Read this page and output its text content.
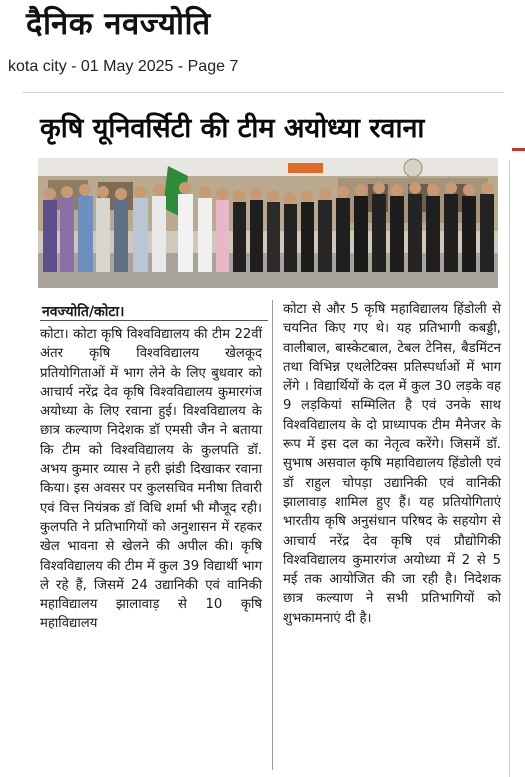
दैनिक नवज्योति
kota city - 01 May 2025 - Page 7
कृषि यूनिवर्सिटी की टीम अयोध्या रवाना
नवज्योति/कोटा।

कोटा। कोटा कृषि विश्वविद्यालय की टीम 22वीं अंतर कृषि विश्वविद्यालय खेलकूद प्रतियोगिताओं में भाग लेने के लिए बुधवार को आचार्य नरेंद्र देव कृषि विश्वविद्यालय कुमारगंज अयोध्या के लिए रवाना हुई। विश्वविद्यालय के छात्र कल्याण निदेशक डॉ एमसी जैन ने बताया कि टीम को विश्वविद्यालय के कुलपति डॉ. अभय कुमार व्यास ने हरी झंडी दिखाकर रवाना किया। इस अवसर पर कुलसचिव मनीषा तिवारी एवं वित्त नियंत्रक डॉ विधि शर्मा भी मौजूद रही। कुलपति ने प्रतिभागियों को अनुशासन में रहकर खेल भावना से खेलने की अपील की। कृषि विश्वविद्यालय की टीम में कुल 39 विद्यार्थी भाग ले रहे हैं, जिसमें 24 उद्यानिकी एवं वानिकी महाविद्यालय झालावाड़ से 10 कृषि महाविद्यालय

कोटा से और 5 कृषि महाविद्यालय हिंडोली से चयनित किए गए थे। यह प्रतिभागी कबड्डी, वालीबाल, बास्केटबाल, टेबल टेनिस, बैडमिंटन तथा विभिन्न एथलेटिक्स प्रतिस्पर्धाओं में भाग लेंगे । विद्यार्थियों के दल में कुल 30 लड़के वह 9 लड़कियां सम्मिलित है एवं उनके साथ विश्वविद्यालय के दो प्राध्यापक टीम मैनेजर के रूप में इस दल का नेतृत्व करेंगे। जिसमें डॉ. सुभाष असवाल कृषि महाविद्यालय हिंडोली एवं डॉ राहुल चोपड़ा उद्यानिकी एवं वानिकी झालावाड़ शामिल हुए हैं। यह प्रतियोगिताएं भारतीय कृषि अनुसंधान परिषद के सहयोग से आचार्य नरेंद्र देव कृषि एवं प्रौद्योगिकी विश्वविद्यालय कुमारगंज अयोध्या में 2 से 5 मई तक आयोजित की जा रही है। निदेशक छात्र कल्याण ने सभी प्रतिभागियों को शुभकामनाएं दी है।
